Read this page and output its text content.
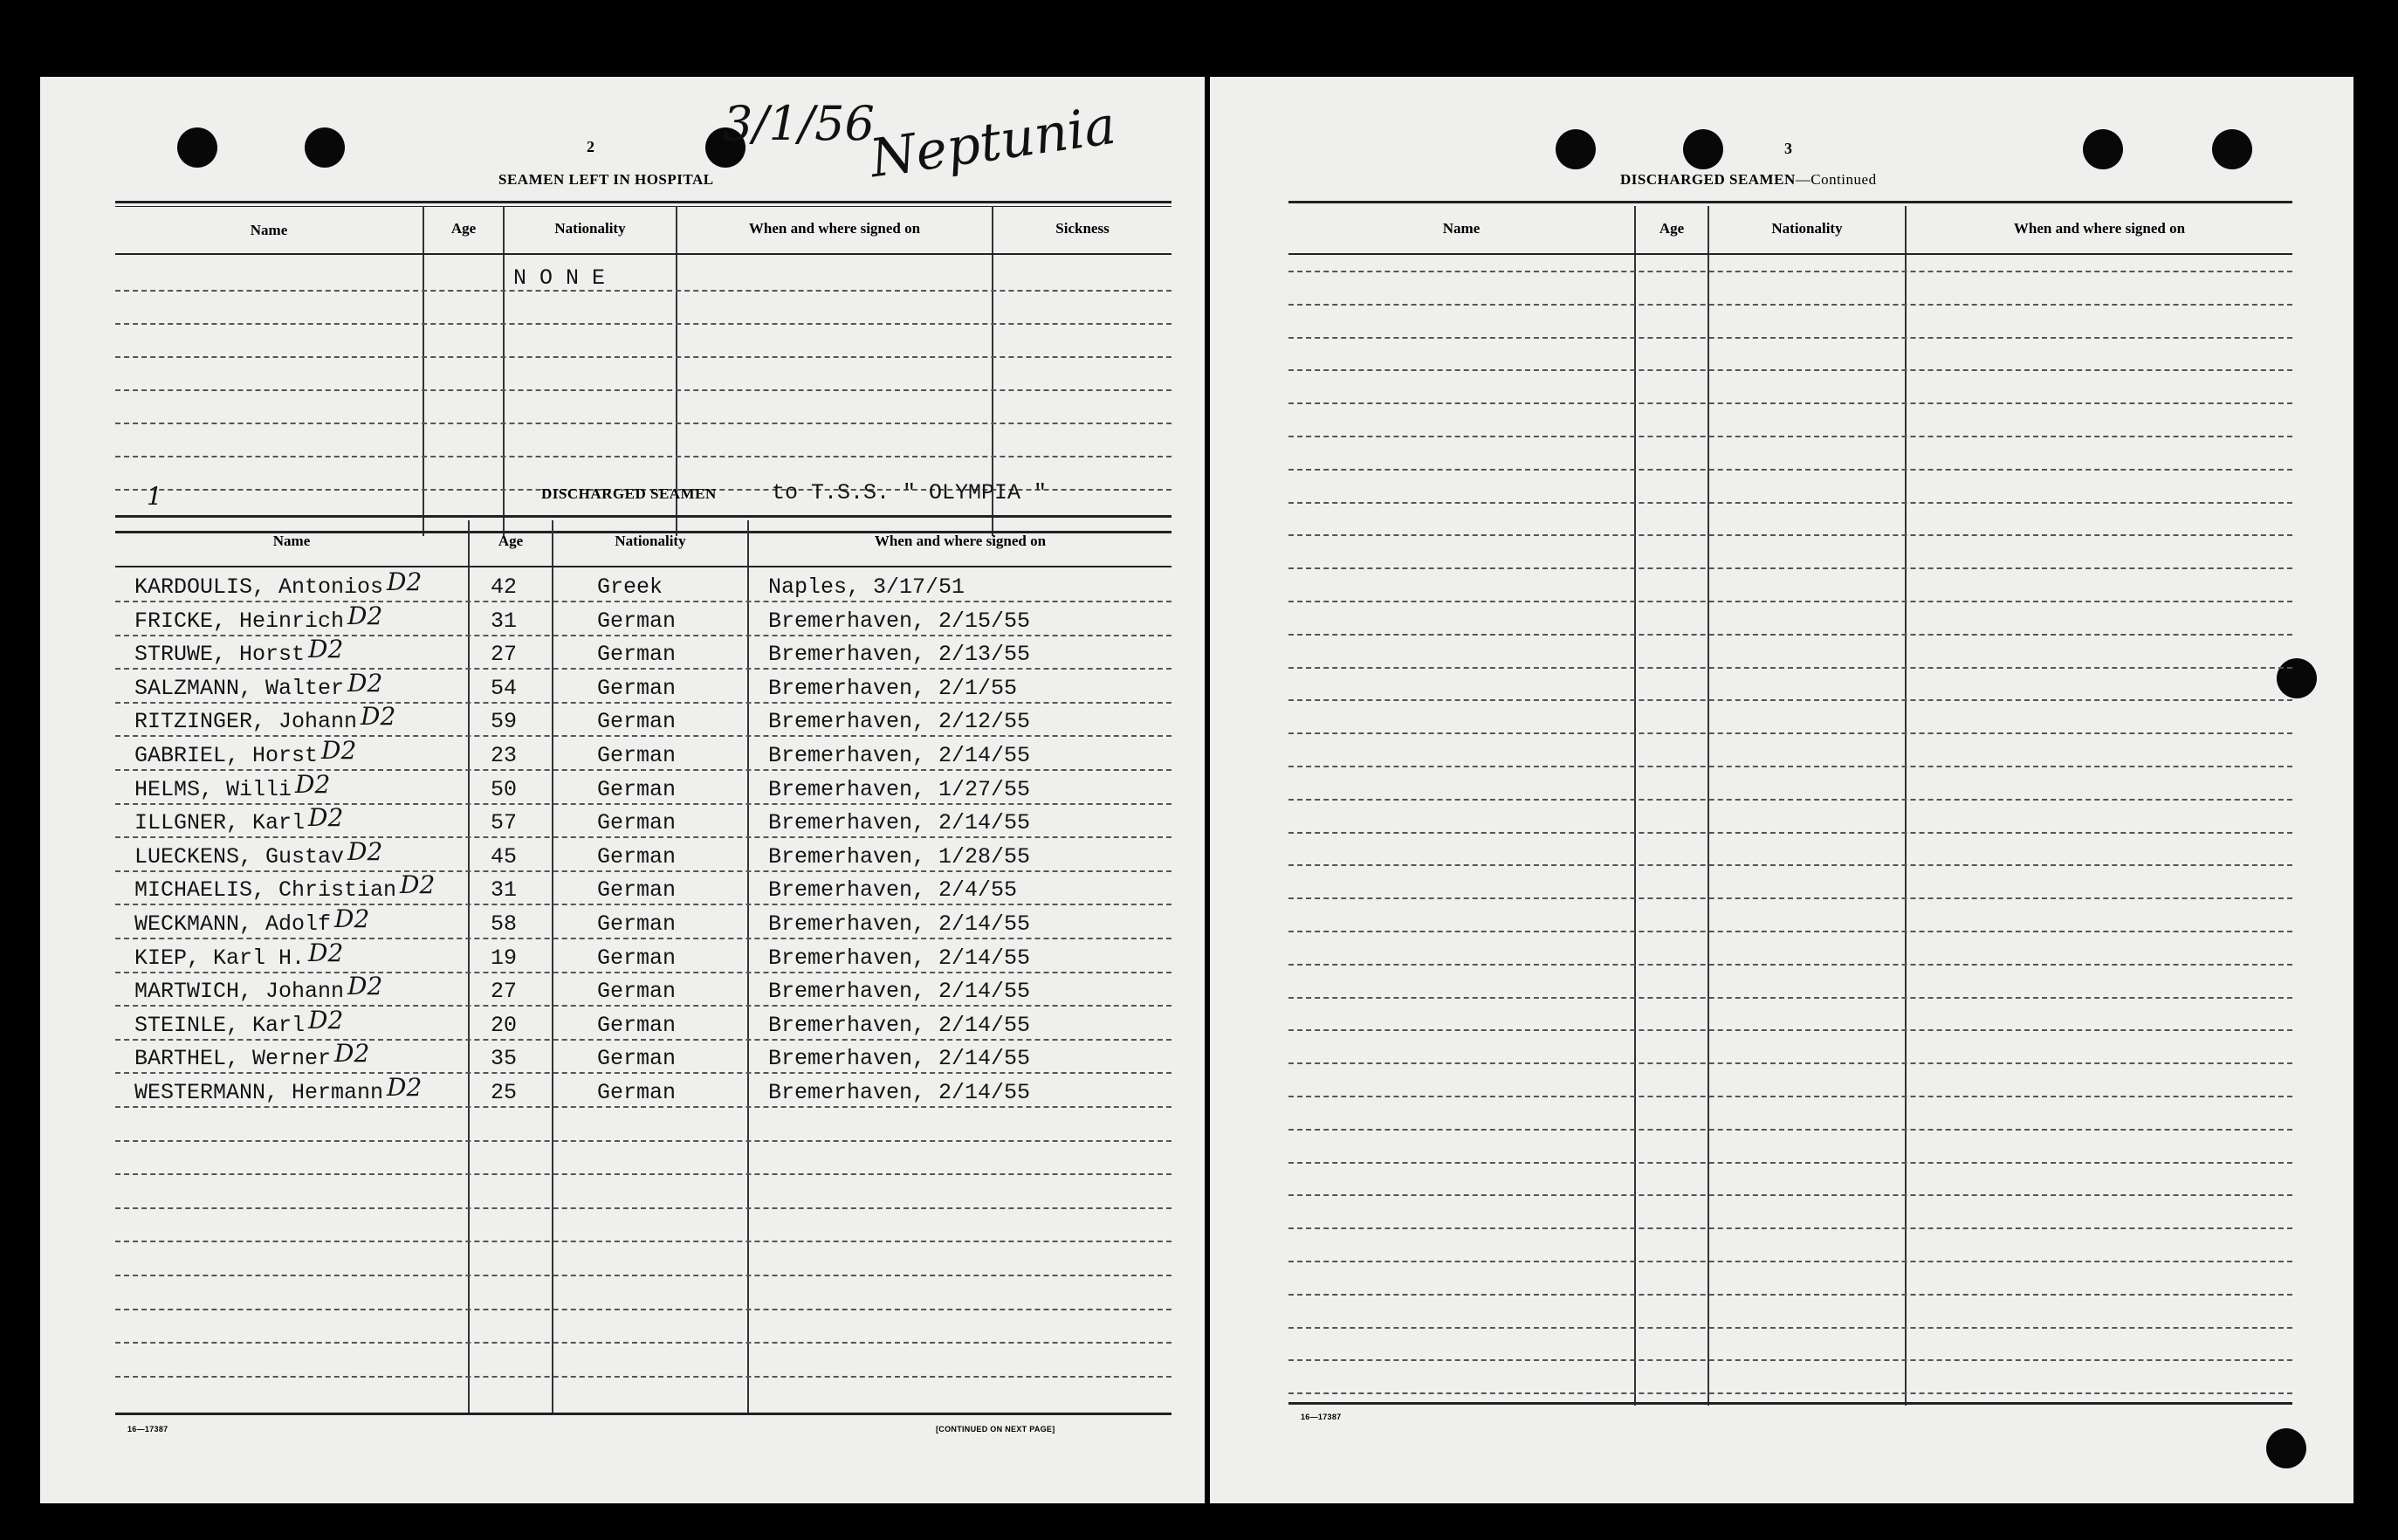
3/1/56
Neptunia
2
SEAMEN LEFT IN HOSPITAL
Name	Age	Nationality	When and where signed on	Sickness
N O N E
1	DISCHARGED SEAMEN	to T.S.S. " OLYMPIA "
Name	Age	Nationality	When and where signed on
KARDOULIS, Antonios D2	42	Greek	Naples, 3/17/51
FRICKE, Heinrich D2	31	German	Bremerhaven, 2/15/55
STRUWE, Horst D2	27	German	Bremerhaven, 2/13/55
SALZMANN, Walter D2	54	German	Bremerhaven, 2/1/55
RITZINGER, Johann D2	59	German	Bremerhaven, 2/12/55
GABRIEL, Horst D2	23	German	Bremerhaven, 2/14/55
HELMS, Willi D2	50	German	Bremerhaven, 1/27/55
ILLGNER, Karl D2	57	German	Bremerhaven, 2/14/55
LUECKENS, Gustav D2	45	German	Bremerhaven, 1/28/55
MICHAELIS, Christian D2	31	German	Bremerhaven, 2/4/55
WECKMANN, Adolf D2	58	German	Bremerhaven, 2/14/55
KIEP, Karl H. D2	19	German	Bremerhaven, 2/14/55
MARTWICH, Johann D2	27	German	Bremerhaven, 2/14/55
STEINLE, Karl D2	20	German	Bremerhaven, 2/14/55
BARTHEL, Werner D2	35	German	Bremerhaven, 2/14/55
WESTERMANN, Hermann D2	25	German	Bremerhaven, 2/14/55
16—17387	[CONTINUED ON NEXT PAGE]
3
DISCHARGED SEAMEN—Continued
Name	Age	Nationality	When and where signed on
16—17387
